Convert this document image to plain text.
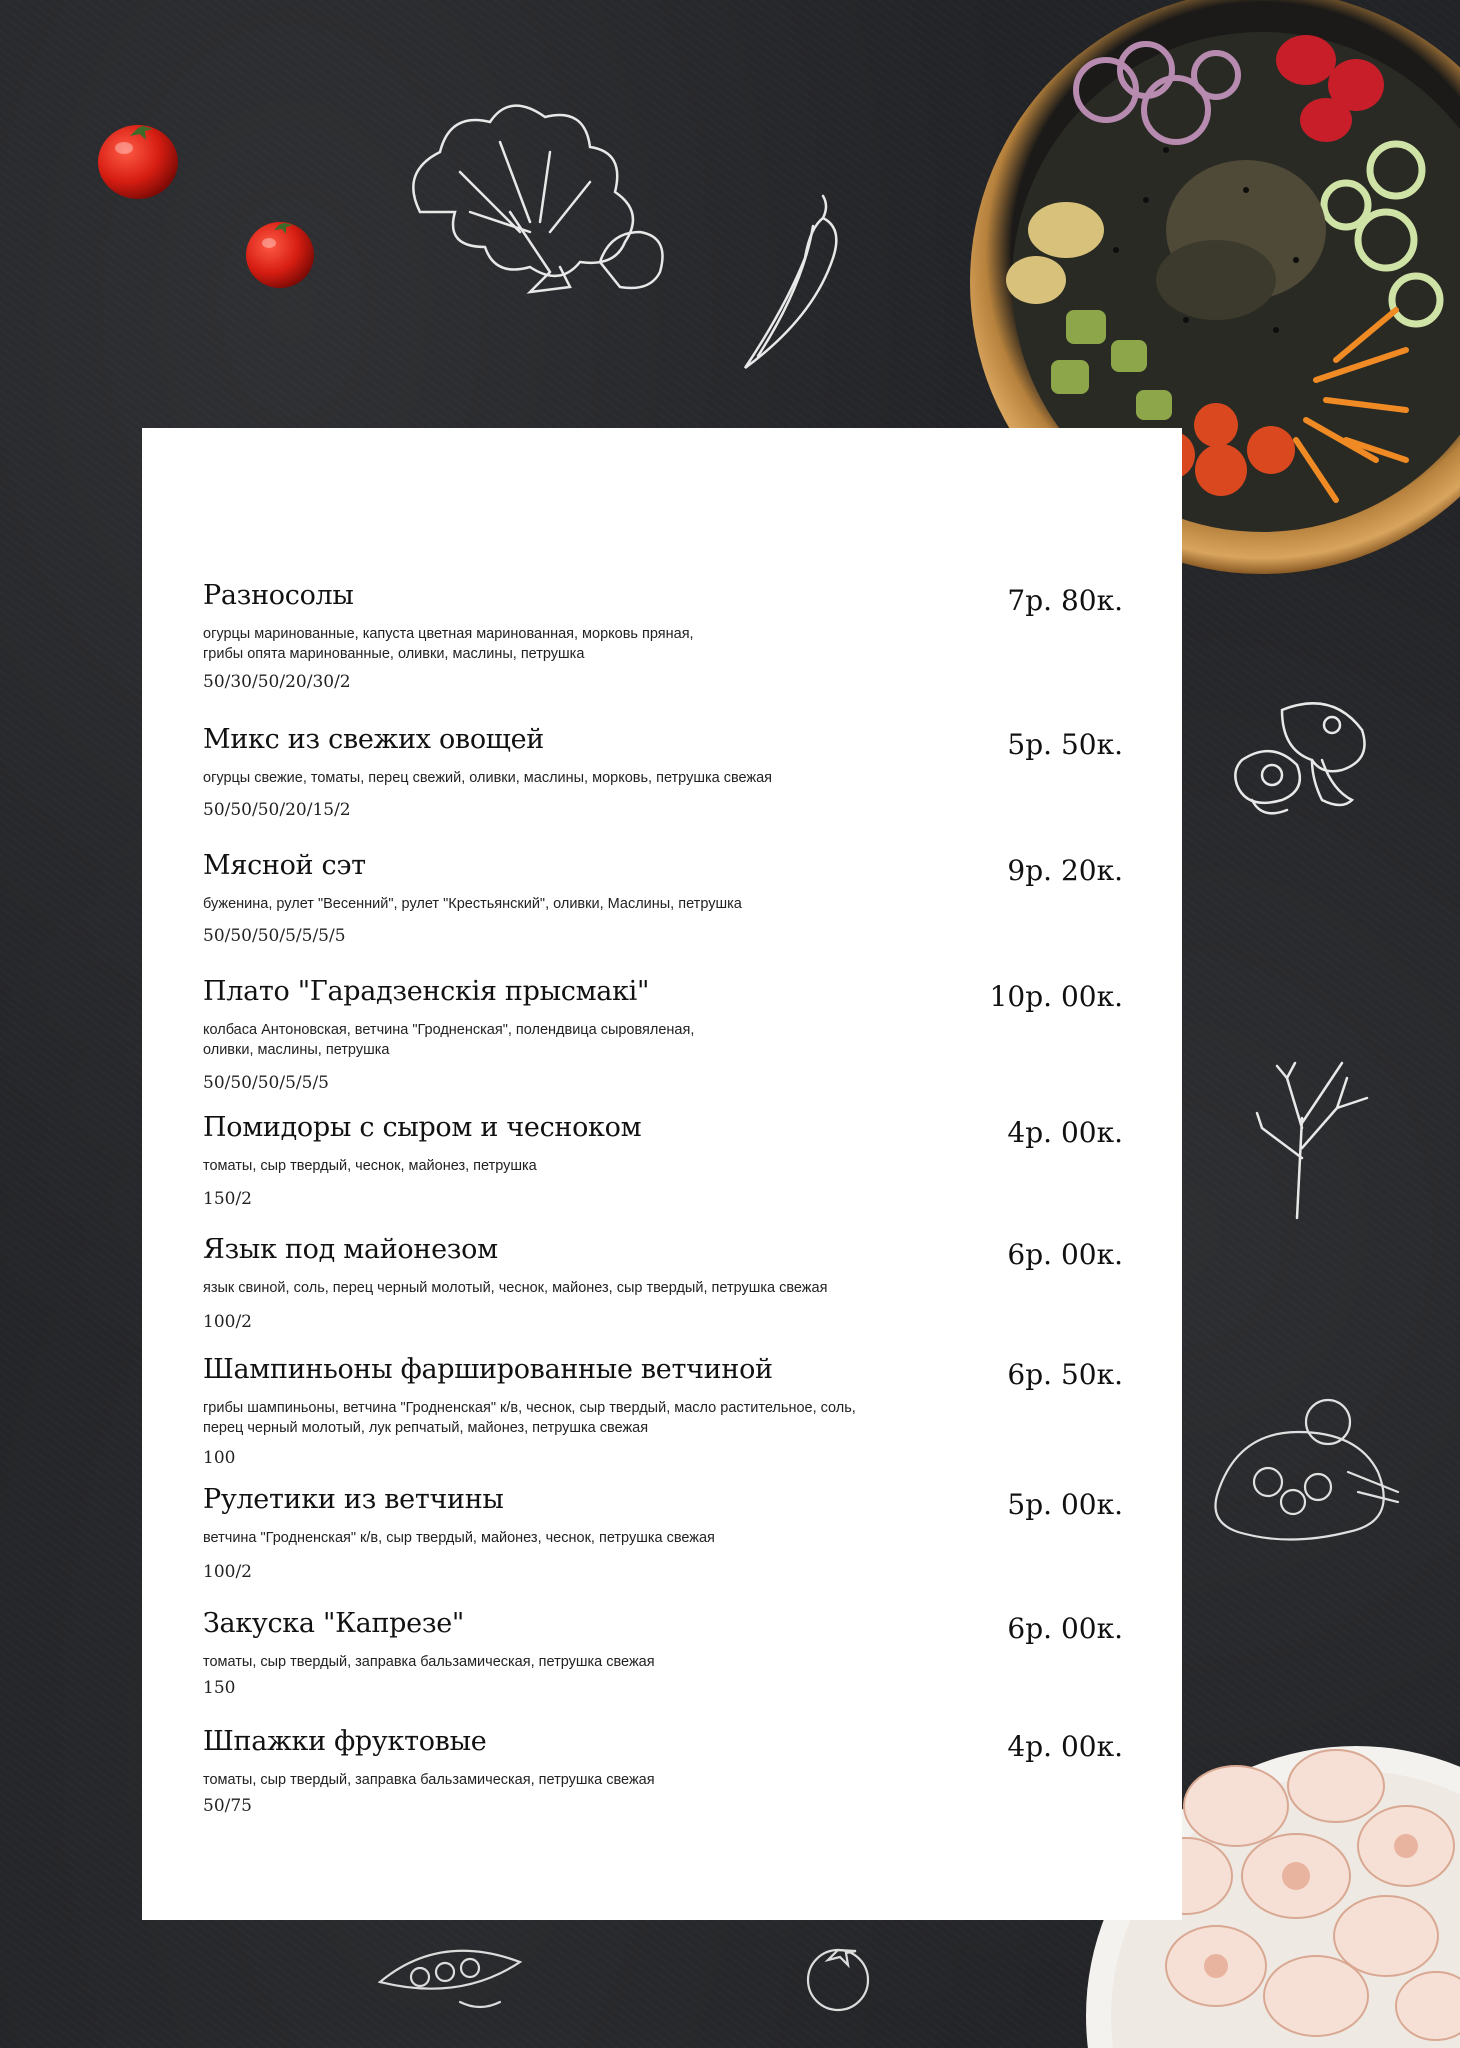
Разносолы	7р. 80к.
огурцы маринованные, капуста цветная маринованная, морковь пряная, грибы опята маринованные, оливки, маслины, петрушка
50/30/50/20/30/2
Микс из свежих овощей	5р. 50к.
огурцы свежие, томаты, перец свежий, оливки, маслины, морковь, петрушка свежая
50/50/50/20/15/2
Мясной сэт	9р. 20к.
буженина, рулет "Весенний", рулет "Крестьянский", оливки, Маслины, петрушка
50/50/50/5/5/5/5
Плато "Гарадзенскія прысмакі"	10р. 00к.
колбаса Антоновская, ветчина "Гродненская", полендвица сыровяленая, оливки, маслины, петрушка
50/50/50/5/5/5
Помидоры с сыром и чесноком	4р. 00к.
томаты, сыр твердый, чеснок, майонез, петрушка
150/2
Язык под майонезом	6р. 00к.
язык свиной, соль, перец черный молотый, чеснок, майонез, сыр твердый, петрушка свежая
100/2
Шампиньоны фаршированные ветчиной	6р. 50к.
грибы шампиньоны, ветчина "Гродненская" к/в, чеснок, сыр твердый, масло растительное, соль, перец черный молотый, лук репчатый, майонез, петрушка свежая
100
Рулетики из ветчины	5р. 00к.
ветчина "Гродненская" к/в, сыр твердый, майонез, чеснок, петрушка свежая
100/2
Закуска "Капрезе"	6р. 00к.
томаты, сыр твердый, заправка бальзамическая, петрушка свежая
150
Шпажки фруктовые	4р. 00к.
томаты, сыр твердый, заправка бальзамическая, петрушка свежая
50/75
